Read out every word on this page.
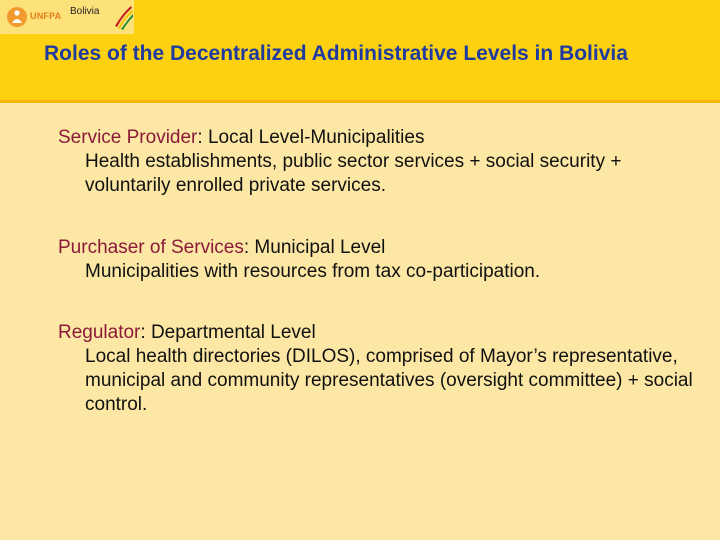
UNFPA Bolivia
Roles of the Decentralized Administrative Levels in Bolivia
Service Provider: Local Level-Municipalities
Health establishments, public sector services + social security + voluntarily enrolled private services.
Purchaser of Services: Municipal Level
Municipalities with resources from tax co-participation.
Regulator: Departmental Level
Local health directories (DILOS), comprised of Mayor’s representative, municipal and community representatives (oversight committee) + social control.
